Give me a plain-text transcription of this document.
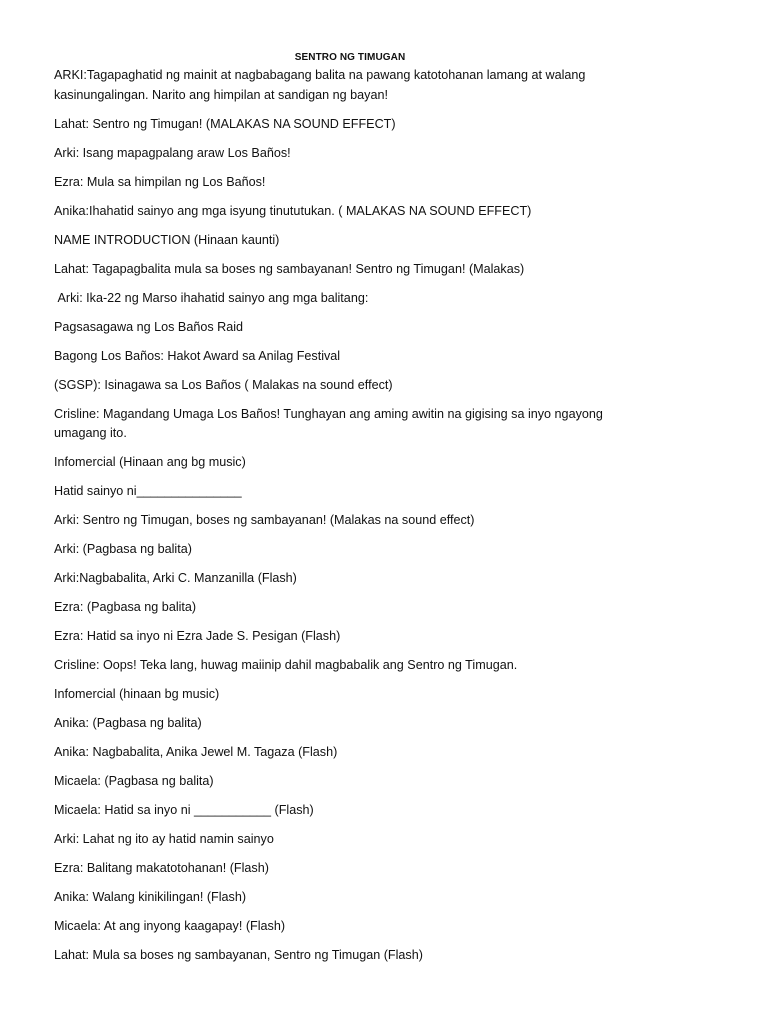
SENTRO NG TIMUGAN

ARKI:Tagapaghatid ng mainit at nagbabagang balita na pawang katotohanan lamang at walang
kasinungalingan. Narito ang himpilan at sandigan ng bayan!

Lahat: Sentro ng Timugan! (MALAKAS NA SOUND EFFECT)

Arki: Isang mapagpalang araw Los Baños!

Ezra: Mula sa himpilan ng Los Baños!

Anika:Ihahatid sainyo ang mga isyung tinututukan. ( MALAKAS NA SOUND EFFECT)

NAME INTRODUCTION (Hinaan kaunti)

Lahat: Tagapagbalita mula sa boses ng sambayanan! Sentro ng Timugan! (Malakas)

Arki: Ika-22 ng Marso ihahatid sainyo ang mga balitang:

Pagsasagawa ng Los Baños Raid

Bagong Los Baños: Hakot Award sa Anilag Festival

(SGSP): Isinagawa sa Los Baños ( Malakas na sound effect)

Crisline: Magandang Umaga Los Baños! Tunghayan ang aming awitin na gigising sa inyo ngayong
umagang ito.

Infomercial (Hinaan ang bg music)

Hatid sainyo ni_______________

Arki: Sentro ng Timugan, boses ng sambayanan! (Malakas na sound effect)

Arki: (Pagbasa ng balita)

Arki:Nagbabalita, Arki C. Manzanilla (Flash)

Ezra: (Pagbasa ng balita)

Ezra: Hatid sa inyo ni Ezra Jade S. Pesigan (Flash)

Crisline: Oops! Teka lang, huwag maiinip dahil magbabalik ang Sentro ng Timugan.

Infomercial (hinaan bg music)

Anika: (Pagbasa ng balita)

Anika: Nagbabalita, Anika Jewel M. Tagaza (Flash)

Micaela: (Pagbasa ng balita)

Micaela: Hatid sa inyo ni ___________ (Flash)

Arki: Lahat ng ito ay hatid namin sainyo

Ezra: Balitang makatotohanan! (Flash)

Anika: Walang kinikilingan! (Flash)

Micaela: At ang inyong kaagapay! (Flash)

Lahat: Mula sa boses ng sambayanan, Sentro ng Timugan (Flash)
